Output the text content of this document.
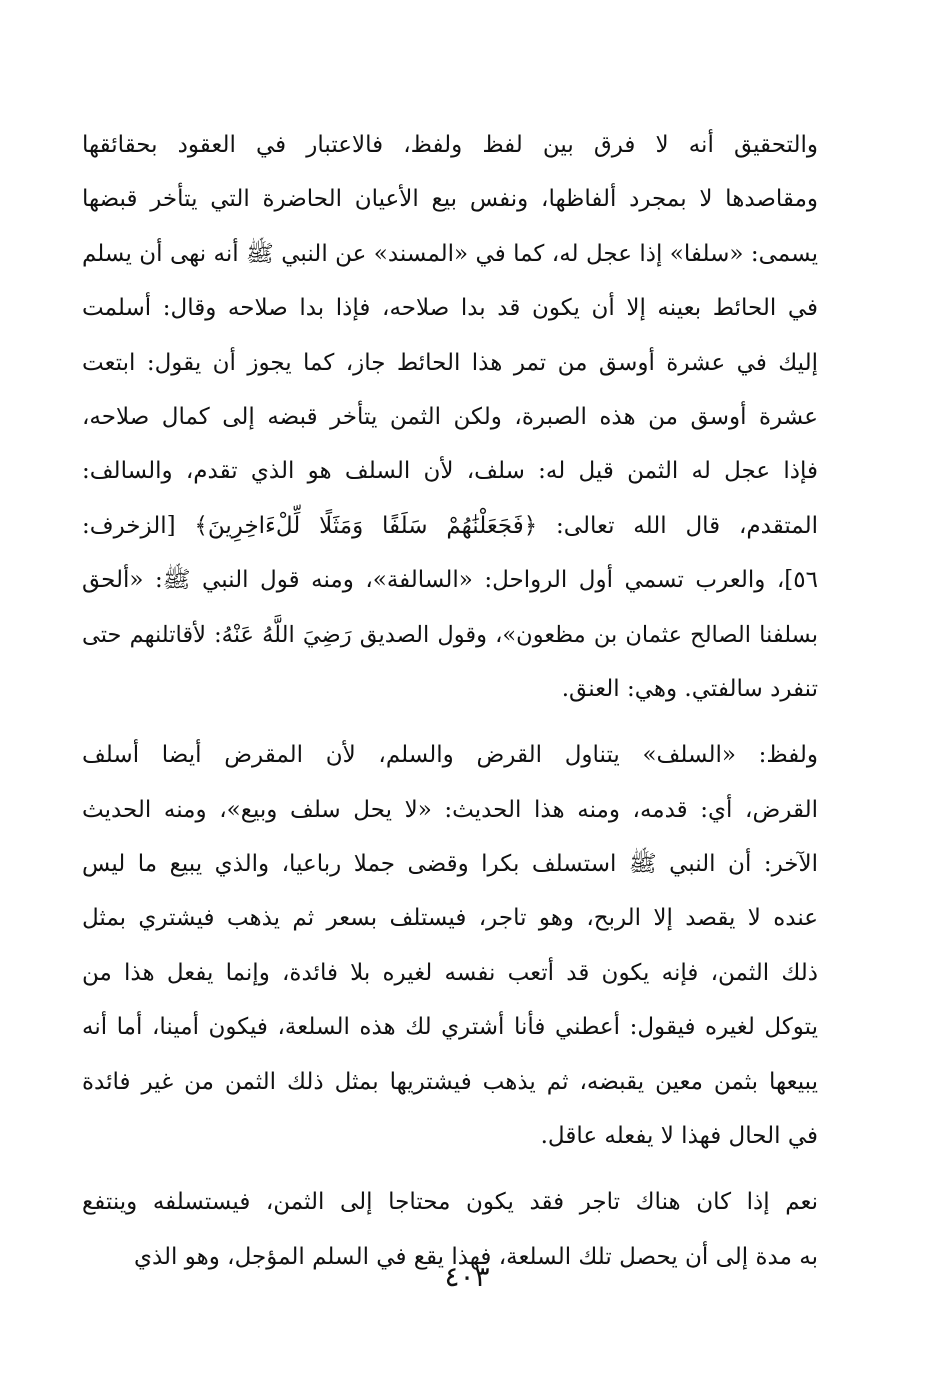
والتحقيق أنه لا فرق بين لفظ ولفظ، فالاعتبار في العقود بحقائقها
ومقاصدها لا بمجرد ألفاظها، ونفس بيع الأعيان الحاضرة التي يتأخر قبضها
يسمى: «سلفا» إذا عجل له، كما في «المسند» عن النبي ﷺ أنه نهى أن يسلم
في الحائط بعينه إلا أن يكون قد بدا صلاحه، فإذا بدا صلاحه وقال: أسلمت
إليك في عشرة أوسق من تمر هذا الحائط جاز، كما يجوز أن يقول: ابتعت
عشرة أوسق من هذه الصبرة، ولكن الثمن يتأخر قبضه إلى كمال صلاحه،
فإذا عجل له الثمن قيل له: سلف، لأن السلف هو الذي تقدم، والسالف:
المتقدم، قال الله تعالى: ﴿فَجَعَلْنَٰهُمْ سَلَفًا وَمَثَلًا لِّلْءَاخِرِينَ﴾ [الزخرف:
٥٦]، والعرب تسمي أول الرواحل: «السالفة»، ومنه قول النبي ﷺ: «ألحق
بسلفنا الصالح عثمان بن مظعون»، وقول الصديق رَضِيَ اللَّهُ عَنْهُ: لأقاتلنهم حتى
تنفرد سالفتي. وهي: العنق.
ولفظ: «السلف» يتناول القرض والسلم، لأن المقرض أيضا أسلف
القرض، أي: قدمه، ومنه هذا الحديث: «لا يحل سلف وبيع»، ومنه الحديث
الآخر: أن النبي ﷺ استسلف بكرا وقضى جملا رباعيا، والذي يبيع ما ليس
عنده لا يقصد إلا الربح، وهو تاجر، فيستلف بسعر ثم يذهب فيشتري بمثل
ذلك الثمن، فإنه يكون قد أتعب نفسه لغيره بلا فائدة، وإنما يفعل هذا من
يتوكل لغيره فيقول: أعطني فأنا أشتري لك هذه السلعة، فيكون أمينا، أما أنه
يبيعها بثمن معين يقبضه، ثم يذهب فيشتريها بمثل ذلك الثمن من غير فائدة
في الحال فهذا لا يفعله عاقل.
نعم إذا كان هناك تاجر فقد يكون محتاجا إلى الثمن، فيستسلفه وينتفع
به مدة إلى أن يحصل تلك السلعة، فهذا يقع في السلم المؤجل، وهو الذي
٤٠٣
